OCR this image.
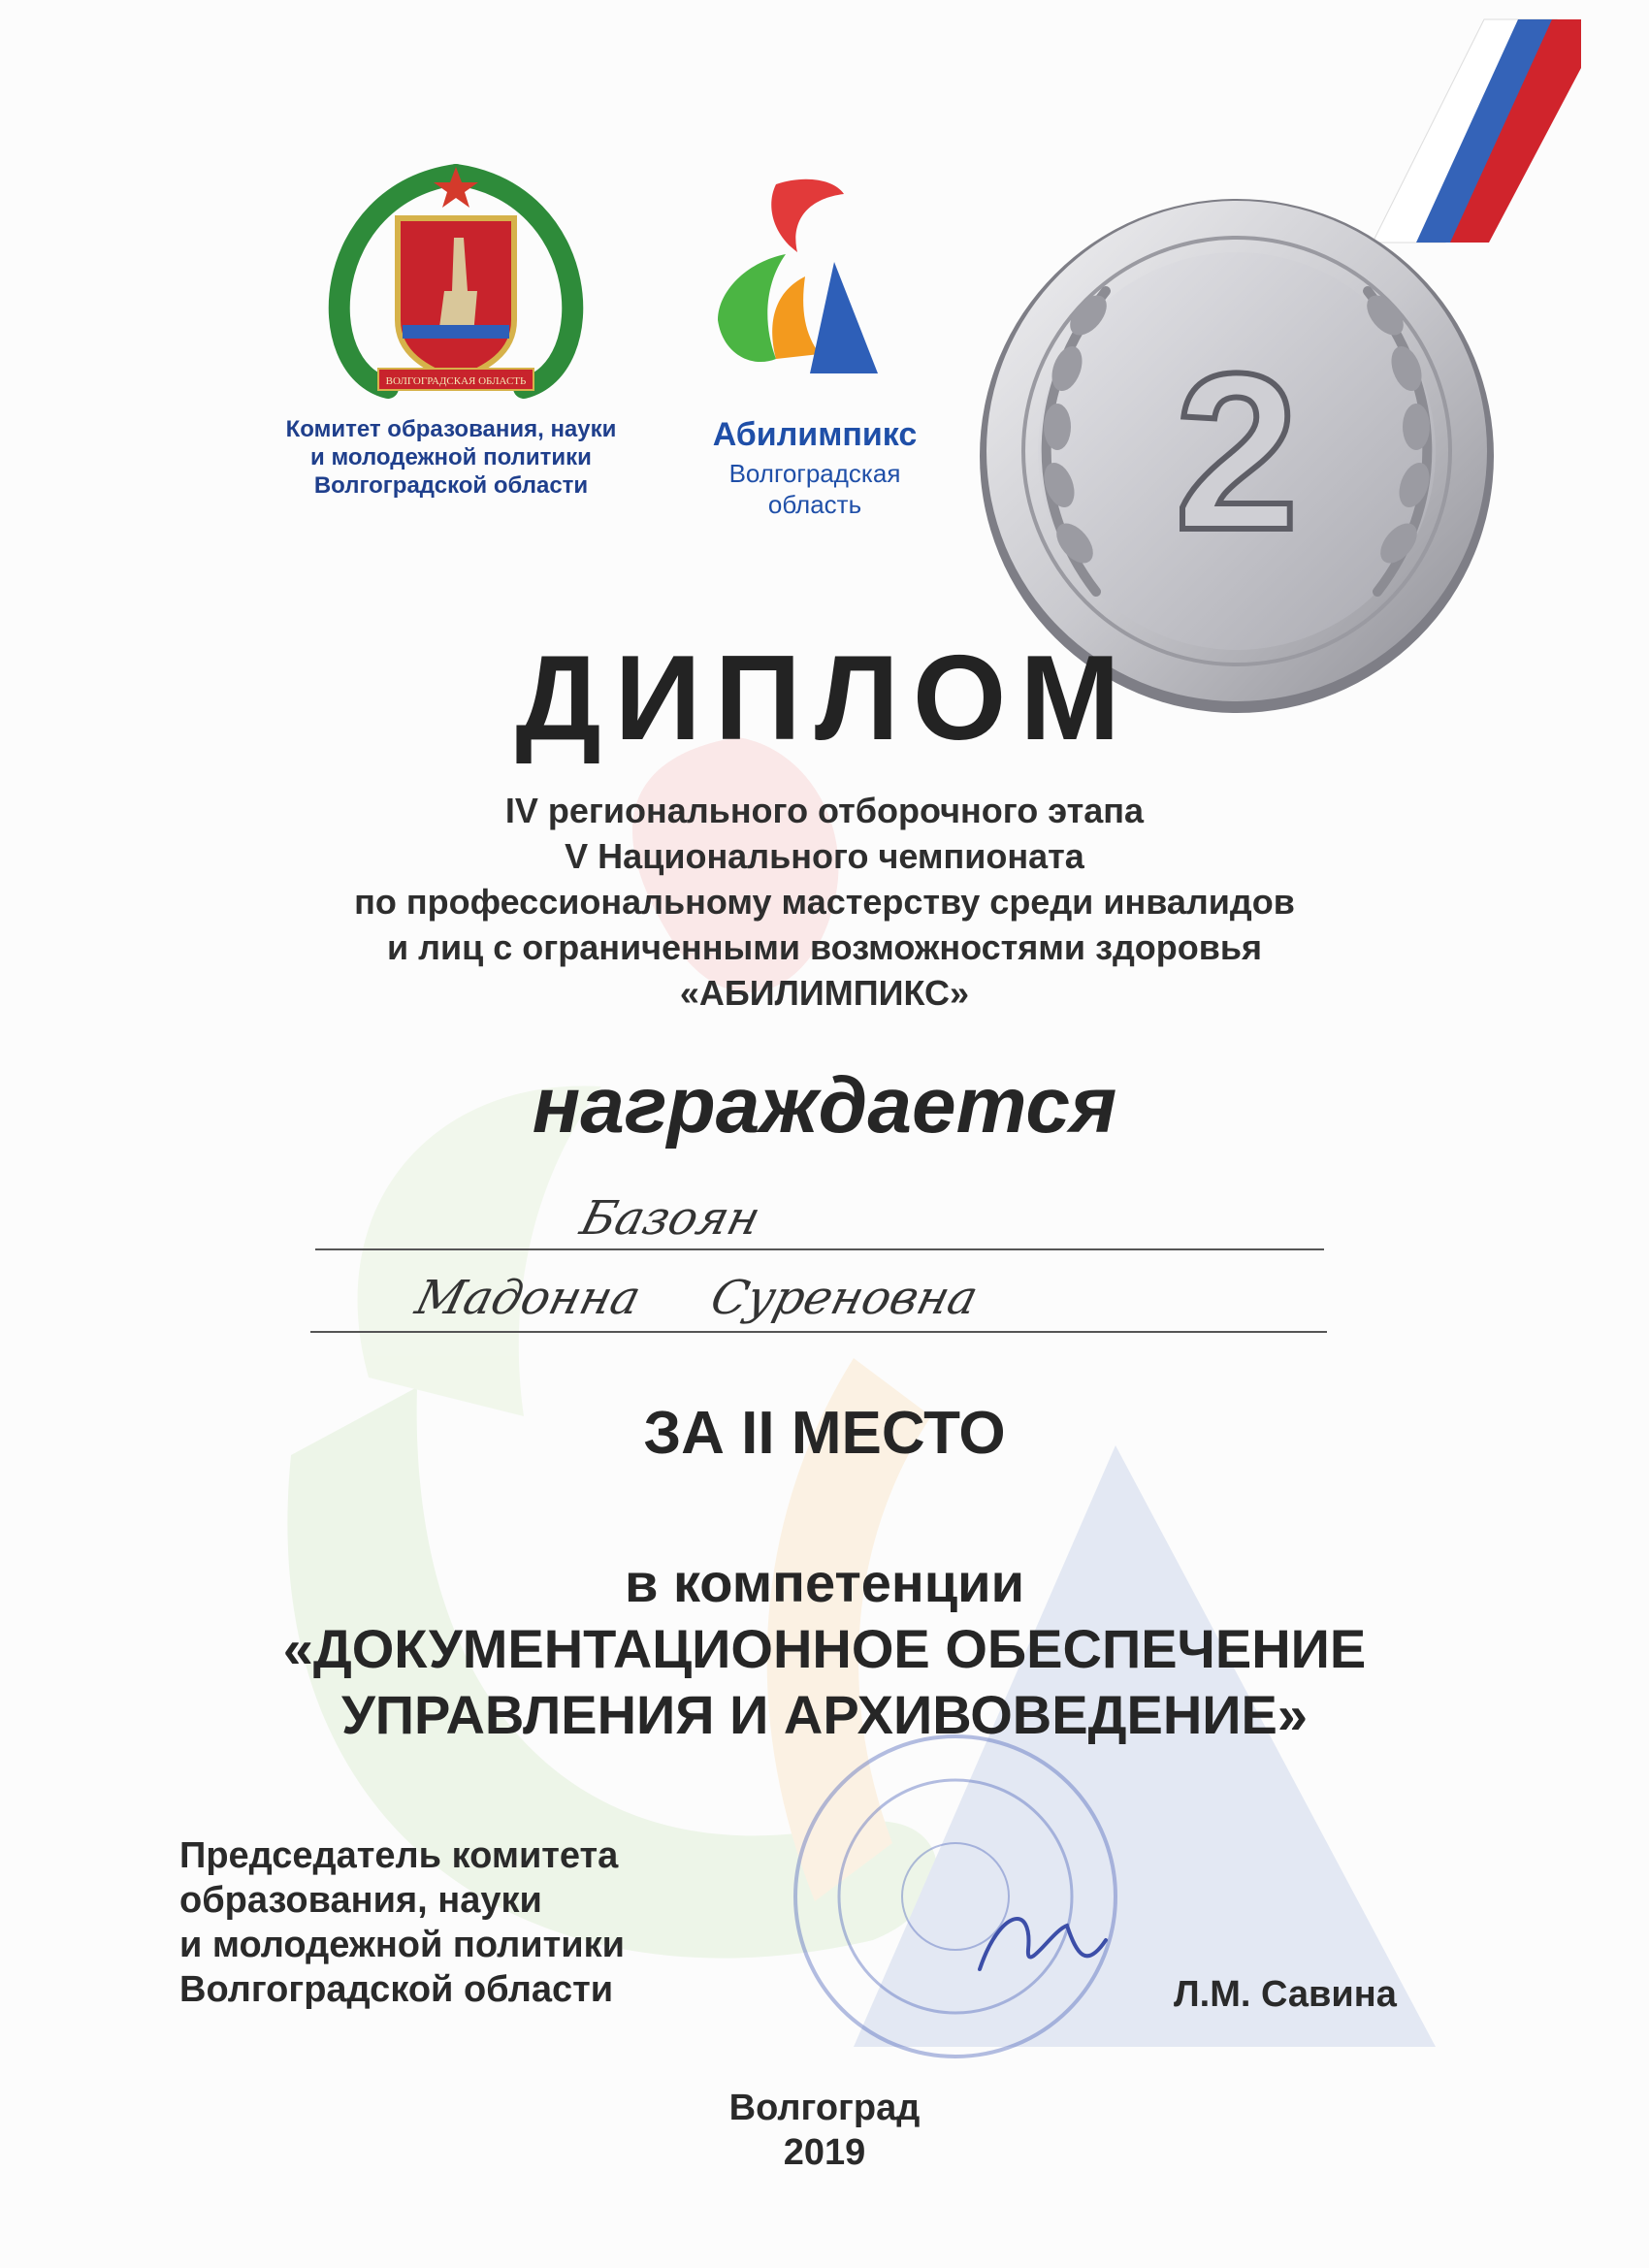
2
ВОЛГОГРАДСКАЯ ОБЛАСТЬ
Комитет образования, науки
и молодежной политики
Волгоградской области
Абилимпикс
Волгоградская
область
ДИПЛОМ
IV регионального отборочного этапа
V Национального чемпионата
по профессиональному мастерству среди инвалидов
и лиц с ограниченными возможностями здоровья
«АБИЛИМПИКС»
награждается
Базоян
Мадонна Суреновна
ЗА II МЕСТО
в компетенции
«ДОКУМЕНТАЦИОННОЕ ОБЕСПЕЧЕНИЕ
УПРАВЛЕНИЯ И АРХИВОВЕДЕНИЕ»
Председатель комитета
образования, науки
и молодежной политики
Волгоградской области	Л.М. Савина
Волгоград
2019
